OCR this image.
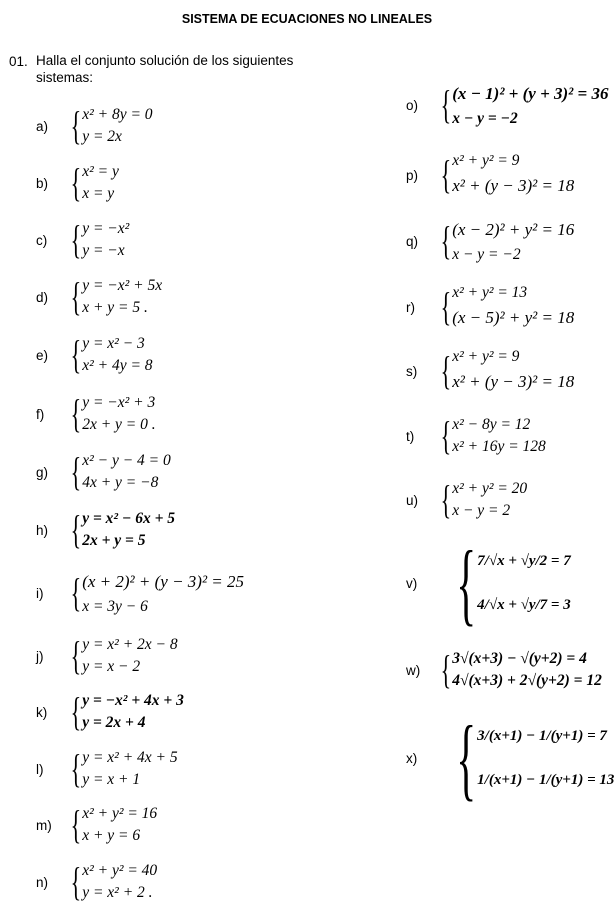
SISTEMA DE ECUACIONES NO LINEALES
01. Halla el conjunto solución de los siguientes sistemas:
a) { x² + 8y = 0
y = 2x
b) { x² = y
x = y
c) { y = −x²
y = −x
d) { y = −x² + 5x
x + y = 5 .
e) { y = x² − 3
x² + 4y = 8
f) { y = −x² + 3
2x + y = 0 .
g) { x² − y − 4 = 0
4x + y = −8
h) { y = x² − 6x + 5
2x + y = 5
i) { (x + 2)² + (y − 3)² = 25
x = 3y − 6
j) { y = x² + 2x − 8
y = x − 2
k) { y = −x² + 4x + 3
y = 2x + 4
l) { y = x² + 4x + 5
y = x + 1
m) { x² + y² = 16
x + y = 6
n) { x² + y² = 40
y = x² + 2 .
o) { (x − 1)² + (y + 3)² = 36
x − y = −2
p) { x² + y² = 9
x² + (y − 3)² = 18
q) { (x − 2)² + y² = 16
x − y = −2
r) { x² + y² = 13
(x − 5)² + y² = 18
s) { x² + y² = 9
x² + (y − 3)² = 18
t) { x² − 8y = 12
x² + 16y = 128
u) { x² + y² = 20
x − y = 2
v) { 7/√x + √y/2 = 7
4/√x + √y/7 = 3
w) { 3√(x+3) − √(y+2) = 4
4√(x+3) + 2√(y+2) = 12
x) { 3/(x+1) − 1/(y+1) = 7
1/(x+1) − 1/(y+1) = 13
